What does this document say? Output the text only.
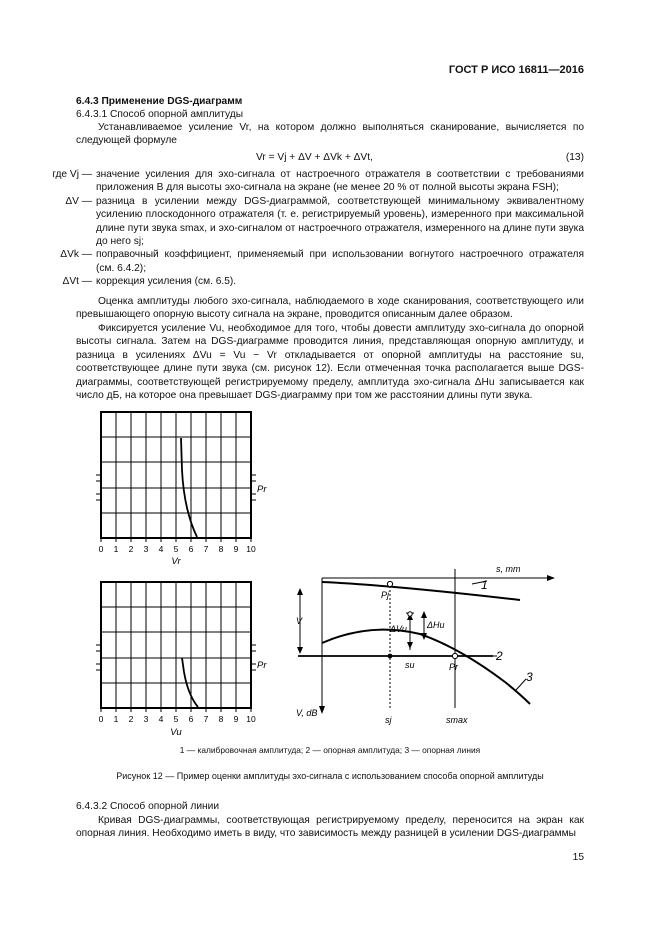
ГОСТ Р ИСО 16811—2016
6.4.3 Применение DGS-диаграмм
6.4.3.1 Способ опорной амплитуды
Устанавливаемое усиление Vr, на котором должно выполняться сканирование, вычисляется по следующей формуле
Vr = Vj + ΔV + ΔVk + ΔVt,	(13)
где Vj — значение усиления для эхо-сигнала от настроечного отражателя в соответствии с требованиями приложения В для высоты эхо-сигнала на экране (не менее 20 % от полной высоты экрана FSH);
ΔV — разница в усилении между DGS-диаграммой, соответствующей минимальному эквивалентному усилению плоскодонного отражателя (т. е. регистрируемый уровень), измеренного при максимальной длине пути звука smax, и эхо-сигналом от настроечного отражателя, измеренного на длине пути звука до него sj;
ΔVk — поправочный коэффициент, применяемый при использовании вогнутого настроечного отражателя (см. 6.4.2);
ΔVt — коррекция усиления (см. 6.5).
Оценка амплитуды любого эхо-сигнала, наблюдаемого в ходе сканирования, соответствующего или превышающего опорную высоту сигнала на экране, проводится описанным далее образом.
Фиксируется усиление Vu, необходимое для того, чтобы довести амплитуду эхо-сигнала до опорной высоты сигнала. Затем на DGS-диаграмме проводится линия, представляющая опорную амплитуду, и разница в усилениях ΔVu = Vu − Vr откладывается от опорной амплитуды на расстояние su, соответствующее длине пути звука (см. рисунок 12). Если отмеченная точка располагается выше DGS-диаграммы, соответствующей регистрируемому пределу, амплитуда эхо-сигнала ΔHu записывается как число дБ, на которое она превышает DGS-диаграмму при том же расстоянии длины пути звука.
0 1 2 3 4 5 6 7 8 9 10
Vr
Pr
0 1 2 3 4 5 6 7 8 9 10
Vu
Pr
s, mm
V, dB
V
Pj
Pr
ΔVu ΔHu
su
sj	smax
1
2
3
1 — калибровочная амплитуда; 2 — опорная амплитуда; 3 — опорная линия
Рисунок 12 — Пример оценки амплитуды эхо-сигнала с использованием способа опорной амплитуды
6.4.3.2 Способ опорной линии
Кривая DGS-диаграммы, соответствующая регистрируемому пределу, переносится на экран как опорная линия. Необходимо иметь в виду, что зависимость между разницей в усилении DGS-диаграммы
15
